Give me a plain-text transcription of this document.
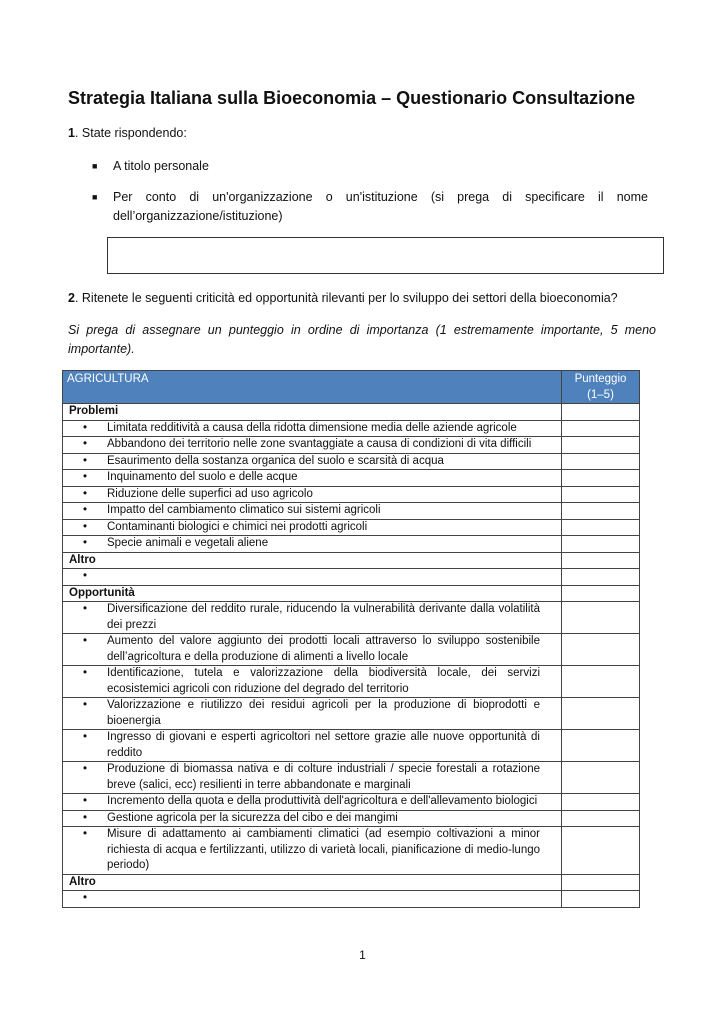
Strategia Italiana sulla Bioeconomia – Questionario Consultazione
1. State rispondendo:
■ A titolo personale
■ Per conto di un'organizzazione o un'istituzione (si prega di specificare il nome dell’organizzazione/istituzione)
2. Ritenete le seguenti criticità ed opportunità rilevanti per lo sviluppo dei settori della bioeconomia?
Si prega di assegnare un punteggio in ordine di importanza (1 estremamente importante, 5 meno importante).
AGRICULTURA	Punteggio
(1–5)

Problemi	

• Limitata redditività a causa della ridotta dimensione media delle aziende agricole	

• Abbandono dei territorio nelle zone svantaggiate a causa di condizioni di vita difficili	

• Esaurimento della sostanza organica del suolo e scarsità di acqua	

• Inquinamento del suolo e delle acque	

• Riduzione delle superfici ad uso agricolo	

• Impatto del cambiamento climatico sui sistemi agricoli	

• Contaminanti biologici e chimici nei prodotti agricoli	

• Specie animali e vegetali aliene	

Altro	

•	

Opportunità	

• Diversificazione del reddito rurale, riducendo la vulnerabilità derivante dalla volatilità dei prezzi	

• Aumento del valore aggiunto dei prodotti locali attraverso lo sviluppo sostenibile dell’agricoltura e della produzione di alimenti a livello locale	

• Identificazione, tutela e valorizzazione della biodiversità locale, dei servizi ecosistemici agricoli con riduzione del degrado del territorio	

• Valorizzazione e riutilizzo dei residui agricoli per la produzione di bioprodotti e bioenergia	

• Ingresso di giovani e esperti agricoltori nel settore grazie alle nuove opportunità di reddito	

• Produzione di biomassa nativa e di colture industriali / specie forestali a rotazione breve (salici, ecc) resilienti in terre abbandonate e marginali	

• Incremento della quota e della produttività dell'agricoltura e dell'allevamento biologici	

• Gestione agricola per la sicurezza del cibo e dei mangimi	

• Misure di adattamento ai cambiamenti climatici (ad esempio coltivazioni a minor richiesta di acqua e fertilizzanti, utilizzo di varietà locali, pianificazione di medio-lungo periodo)	

Altro	

•	

1
